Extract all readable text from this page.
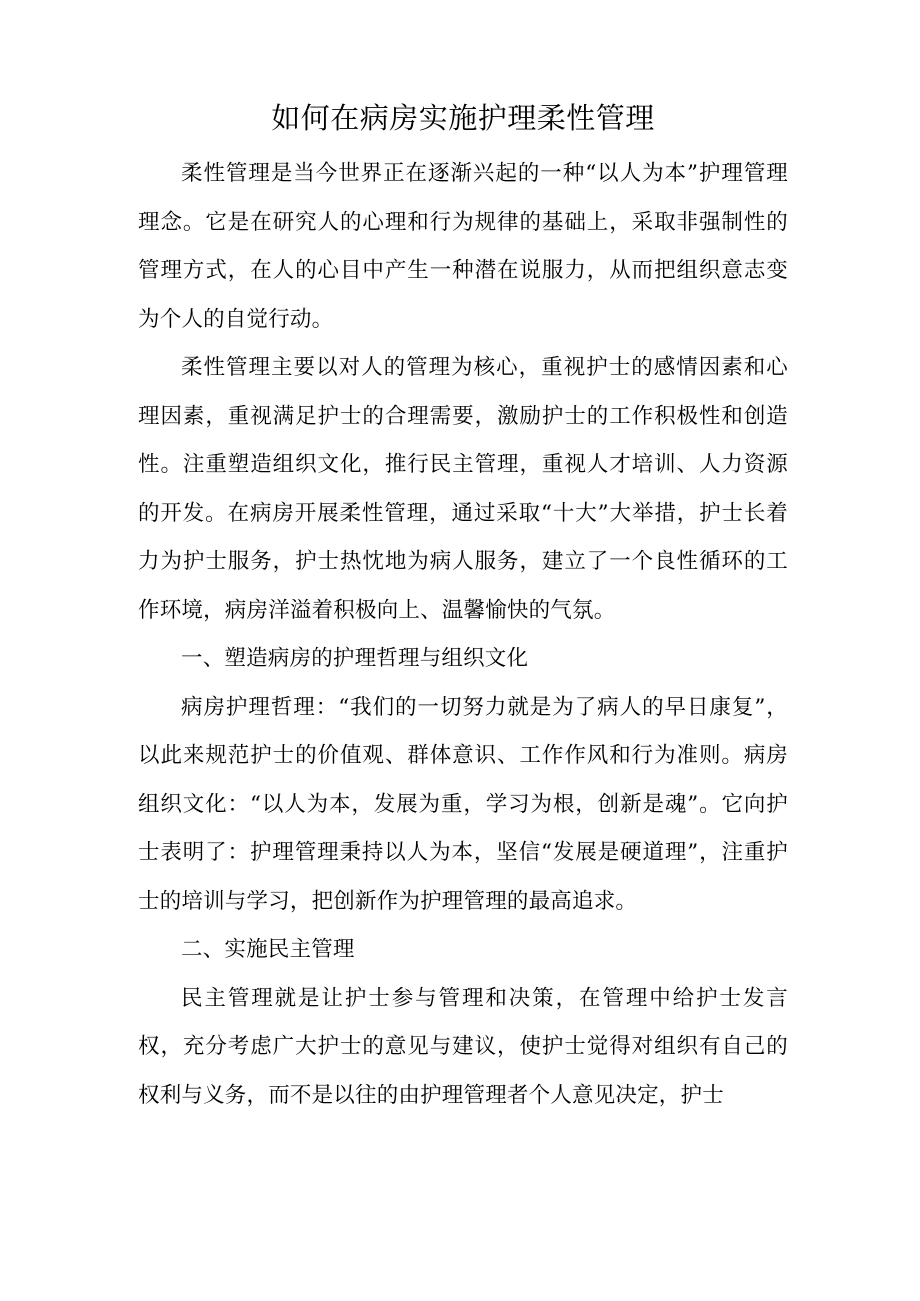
如何在病房实施护理柔性管理

柔性管理是当今世界正在逐渐兴起的一种“以人为本”护理管理理念。它是在研究人的心理和行为规律的基础上，采取非强制性的管理方式，在人的心目中产生一种潜在说服力，从而把组织意志变为个人的自觉行动。

柔性管理主要以对人的管理为核心，重视护士的感情因素和心理因素，重视满足护士的合理需要，激励护士的工作积极性和创造性。注重塑造组织文化，推行民主管理，重视人才培训、人力资源的开发。在病房开展柔性管理，通过采取“十大”大举措，护士长着力为护士服务，护士热忱地为病人服务，建立了一个良性循环的工作环境，病房洋溢着积极向上、温馨愉快的气氛。

一、塑造病房的护理哲理与组织文化

病房护理哲理：“我们的一切努力就是为了病人的早日康复”，以此来规范护士的价值观、群体意识、工作作风和行为准则。病房组织文化：“以人为本，发展为重，学习为根，创新是魂”。它向护士表明了：护理管理秉持以人为本，坚信“发展是硬道理”，注重护士的培训与学习，把创新作为护理管理的最高追求。

二、实施民主管理

民主管理就是让护士参与管理和决策，在管理中给护士发言权，充分考虑广大护士的意见与建议，使护士觉得对组织有自己的权利与义务，而不是以往的由护理管理者个人意见决定，护士
